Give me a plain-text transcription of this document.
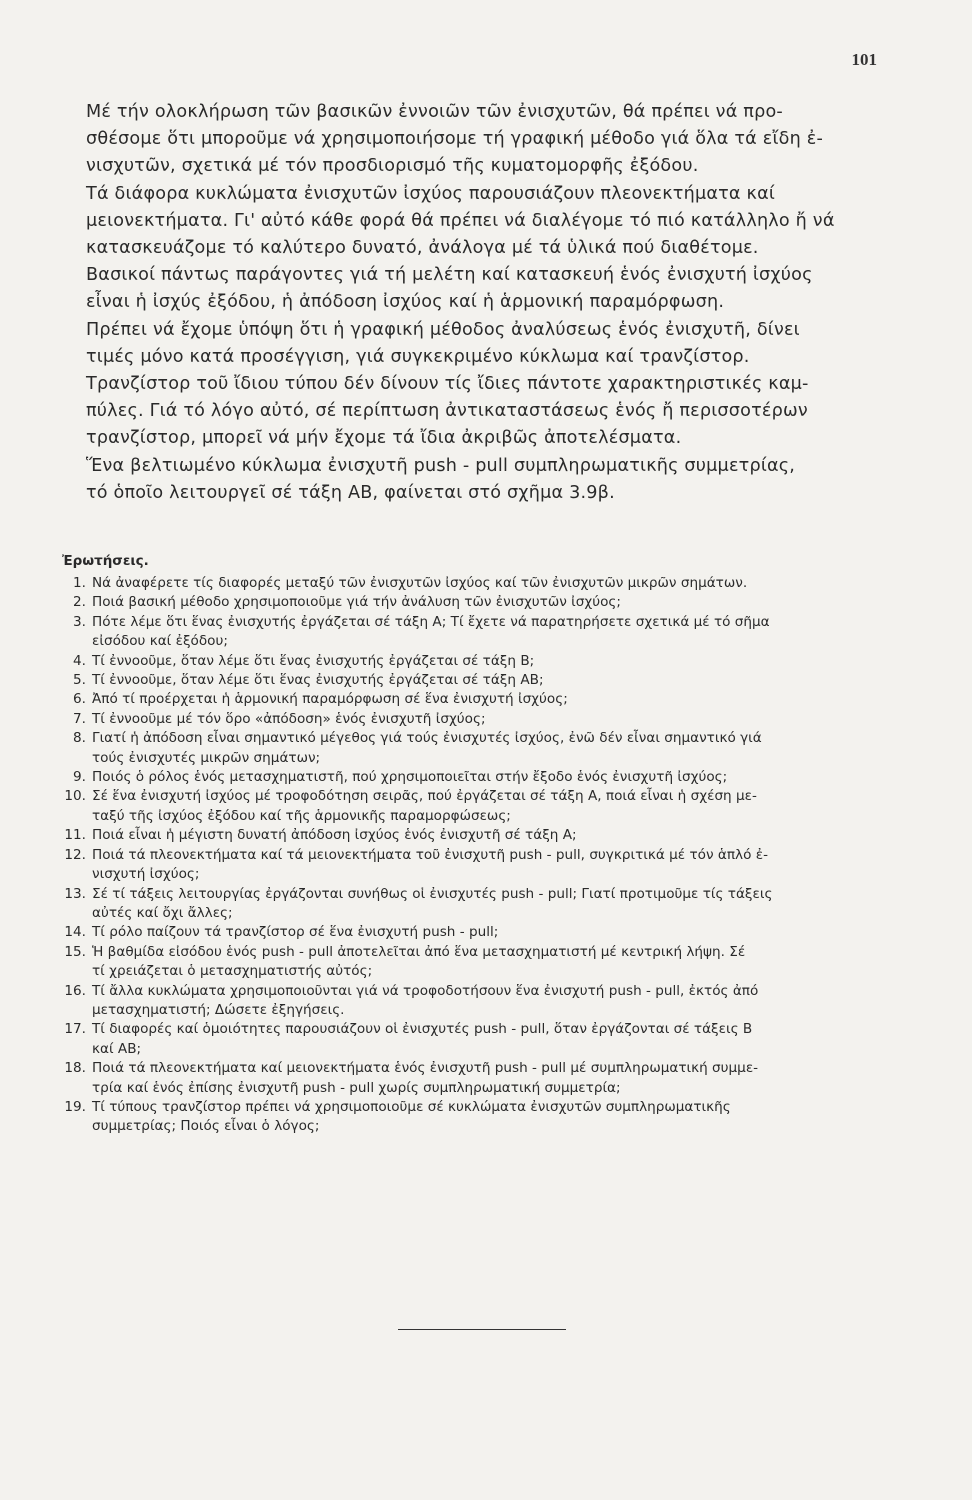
101

Μέ τήν ολοκλήρωση τῶν βασικῶν ἐννοιῶν τῶν ἐνισχυτῶν, θά πρέπει νά προ-
σθέσομε ὅτι μποροῦμε νά χρησιμοποιήσομε τή γραφική μέθοδο γιά ὅλα τά εἴδη ἐ-
νισχυτῶν, σχετικά μέ τόν προσδιορισμό τῆς κυματομορφῆς ἐξόδου.

Τά διάφορα κυκλώματα ἐνισχυτῶν ἰσχύος παρουσιάζουν πλεονεκτήματα καί
μειονεκτήματα. Γι' αὐτό κάθε φορά θά πρέπει νά διαλέγομε τό πιό κατάλληλο ἤ νά
κατασκευάζομε τό καλύτερο δυνατό, ἀνάλογα μέ τά ὑλικά πού διαθέτομε.

Βασικοί πάντως παράγοντες γιά τή μελέτη καί κατασκευή ἑνός ἐνισχυτή ἰσχύος
εἶναι ἡ ἰσχύς ἐξόδου, ἡ ἀπόδοση ἰσχύος καί ἡ ἁρμονική παραμόρφωση.

Πρέπει νά ἔχομε ὑπόψη ὅτι ἡ γραφική μέθοδος ἀναλύσεως ἑνός ἐνισχυτῆ, δίνει
τιμές μόνο κατά προσέγγιση, γιά συγκεκριμένο κύκλωμα καί τρανζίστορ.

Τρανζίστορ τοῦ ἴδιου τύπου δέν δίνουν τίς ἴδιες πάντοτε χαρακτηριστικές καμ-
πύλες. Γιά τό λόγο αὐτό, σέ περίπτωση ἀντικαταστάσεως ἑνός ἤ περισσοτέρων
τρανζίστορ, μπορεῖ νά μήν ἔχομε τά ἴδια ἀκριβῶς ἀποτελέσματα.

Ἕνα βελτιωμένο κύκλωμα ἐνισχυτῆ push - pull συμπληρωματικῆς συμμετρίας,
τό ὁποῖο λειτουργεῖ σέ τάξη ΑΒ, φαίνεται στό σχῆμα 3.9β.

Ἐρωτήσεις.
1. Νά ἀναφέρετε τίς διαφορές μεταξύ τῶν ἐνισχυτῶν ἰσχύος καί τῶν ἐνισχυτῶν μικρῶν σημάτων.
2. Ποιά βασική μέθοδο χρησιμοποιοῦμε γιά τήν ἀνάλυση τῶν ἐνισχυτῶν ἰσχύος;
3. Πότε λέμε ὅτι ἕνας ἐνισχυτής ἐργάζεται σέ τάξη Α; Τί ἔχετε νά παρατηρήσετε σχετικά μέ τό σῆμα
εἰσόδου καί ἐξόδου;
4. Τί ἐννοοῦμε, ὅταν λέμε ὅτι ἕνας ἐνισχυτής ἐργάζεται σέ τάξη Β;
5. Τί ἐννοοῦμε, ὅταν λέμε ὅτι ἕνας ἐνισχυτής ἐργάζεται σέ τάξη ΑΒ;
6. Ἀπό τί προέρχεται ἡ ἁρμονική παραμόρφωση σέ ἕνα ἐνισχυτή ἰσχύος;
7. Τί ἐννοοῦμε μέ τόν ὅρο «ἀπόδοση» ἑνός ἐνισχυτῆ ἰσχύος;
8. Γιατί ἡ ἀπόδοση εἶναι σημαντικό μέγεθος γιά τούς ἐνισχυτές ἰσχύος, ἐνῶ δέν εἶναι σημαντικό γιά
τούς ἐνισχυτές μικρῶν σημάτων;
9. Ποιός ὁ ρόλος ἑνός μετασχηματιστῆ, πού χρησιμοποιεῖται στήν ἔξοδο ἑνός ἐνισχυτῆ ἰσχύος;
10. Σέ ἕνα ἐνισχυτή ἰσχύος μέ τροφοδότηση σειρᾶς, πού ἐργάζεται σέ τάξη Α, ποιά εἶναι ἡ σχέση με-
ταξύ τῆς ἰσχύος ἐξόδου καί τῆς ἁρμονικῆς παραμορφώσεως;
11. Ποιά εἶναι ἡ μέγιστη δυνατή ἀπόδοση ἰσχύος ἑνός ἐνισχυτῆ σέ τάξη Α;
12. Ποιά τά πλεονεκτήματα καί τά μειονεκτήματα τοῦ ἐνισχυτῆ push - pull, συγκριτικά μέ τόν ἁπλό ἐ-
νισχυτή ἰσχύος;
13. Σέ τί τάξεις λειτουργίας ἐργάζονται συνήθως οἱ ἐνισχυτές push - pull; Γιατί προτιμοῦμε τίς τάξεις
αὐτές καί ὄχι ἄλλες;
14. Τί ρόλο παίζουν τά τρανζίστορ σέ ἕνα ἐνισχυτή push - pull;
15. Ἡ βαθμίδα εἰσόδου ἑνός push - pull ἀποτελεῖται ἀπό ἕνα μετασχηματιστή μέ κεντρική λήψη. Σέ
τί χρειάζεται ὁ μετασχηματιστής αὐτός;
16. Τί ἄλλα κυκλώματα χρησιμοποιοῦνται γιά νά τροφοδοτήσουν ἕνα ἐνισχυτή push - pull, ἐκτός ἀπό
μετασχηματιστή; Δώσετε ἐξηγήσεις.
17. Τί διαφορές καί ὁμοιότητες παρουσιάζουν οἱ ἐνισχυτές push - pull, ὅταν ἐργάζονται σέ τάξεις Β
καί ΑΒ;
18. Ποιά τά πλεονεκτήματα καί μειονεκτήματα ἑνός ἐνισχυτῆ push - pull μέ συμπληρωματική συμμε-
τρία καί ἑνός ἐπίσης ἐνισχυτῆ push - pull χωρίς συμπληρωματική συμμετρία;
19. Τί τύπους τρανζίστορ πρέπει νά χρησιμοποιοῦμε σέ κυκλώματα ἐνισχυτῶν συμπληρωματικῆς
συμμετρίας; Ποιός εἶναι ὁ λόγος;
